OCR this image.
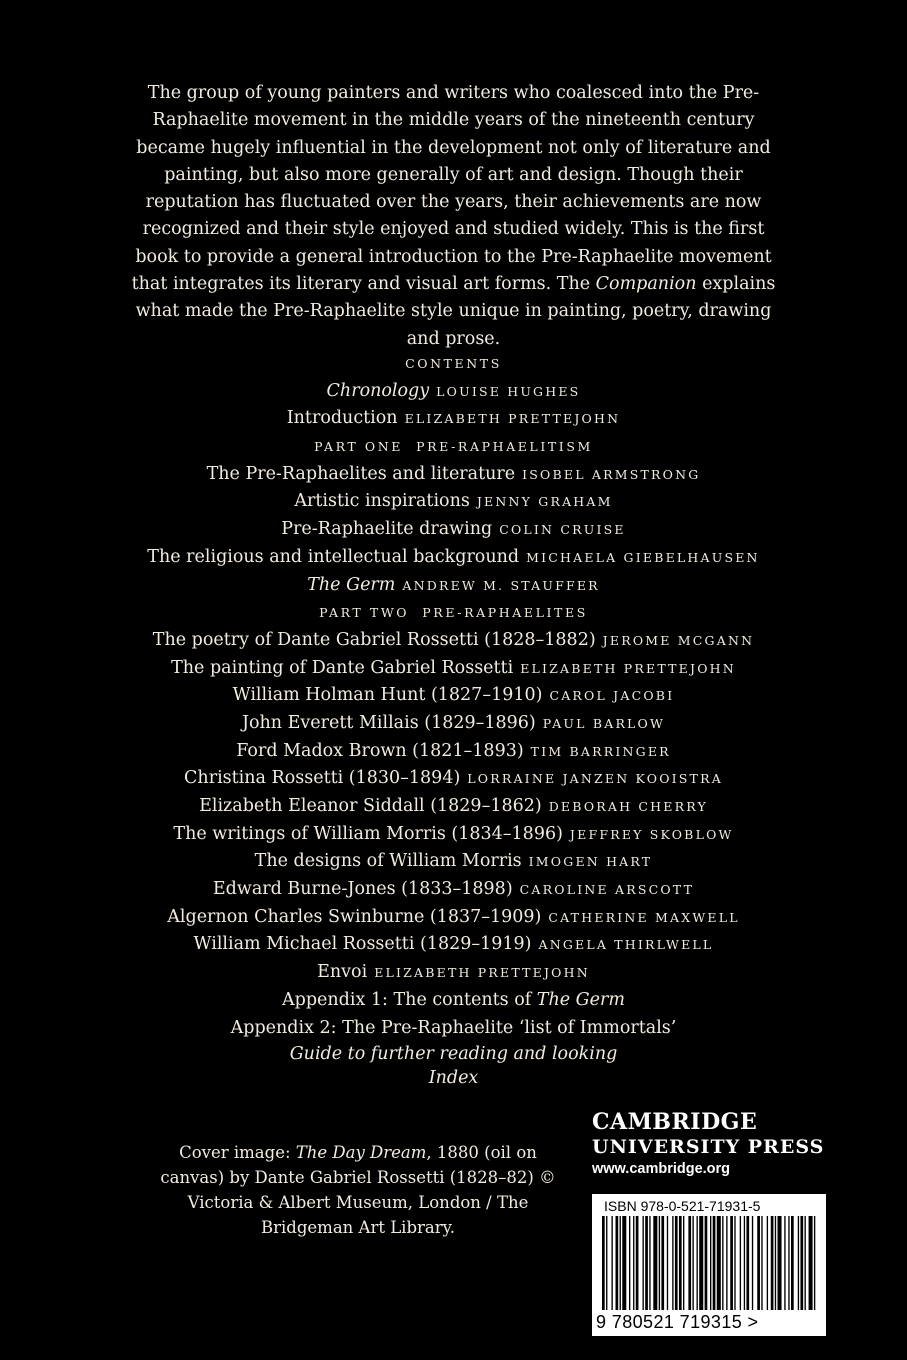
The group of young painters and writers who coalesced into the Pre-Raphaelite movement in the middle years of the nineteenth century became hugely influential in the development not only of literature and painting, but also more generally of art and design. Though their reputation has fluctuated over the years, their achievements are now recognized and their style enjoyed and studied widely. This is the first book to provide a general introduction to the Pre-Raphaelite movement that integrates its literary and visual art forms. The Companion explains what made the Pre-Raphaelite style unique in painting, poetry, drawing and prose.

CONTENTS
Chronology LOUISE HUGHES
Introduction ELIZABETH PRETTEJOHN
PART ONE  PRE-RAPHAELITISM
The Pre-Raphaelites and literature ISOBEL ARMSTRONG
Artistic inspirations JENNY GRAHAM
Pre-Raphaelite drawing COLIN CRUISE
The religious and intellectual background MICHAELA GIEBELHAUSEN
The Germ ANDREW M. STAUFFER
PART TWO  PRE-RAPHAELITES
The poetry of Dante Gabriel Rossetti (1828–1882) JEROME MCGANN
The painting of Dante Gabriel Rossetti ELIZABETH PRETTEJOHN
William Holman Hunt (1827–1910) CAROL JACOBI
John Everett Millais (1829–1896) PAUL BARLOW
Ford Madox Brown (1821–1893) TIM BARRINGER
Christina Rossetti (1830–1894) LORRAINE JANZEN KOOISTRA
Elizabeth Eleanor Siddall (1829–1862) DEBORAH CHERRY
The writings of William Morris (1834–1896) JEFFREY SKOBLOW
The designs of William Morris IMOGEN HART
Edward Burne-Jones (1833–1898) CAROLINE ARSCOTT
Algernon Charles Swinburne (1837–1909) CATHERINE MAXWELL
William Michael Rossetti (1829–1919) ANGELA THIRLWELL
Envoi ELIZABETH PRETTEJOHN
Appendix 1: The contents of The Germ
Appendix 2: The Pre-Raphaelite ‘list of Immortals’
Guide to further reading and looking
Index

Cover image: The Day Dream, 1880 (oil on canvas) by Dante Gabriel Rossetti (1828–82) © Victoria & Albert Museum, London / The Bridgeman Art Library.

cambridge
UNIVERSITY PRESS
www.cambridge.org
ISBN 978-0-521-71931-5
9 780521 719315 >
